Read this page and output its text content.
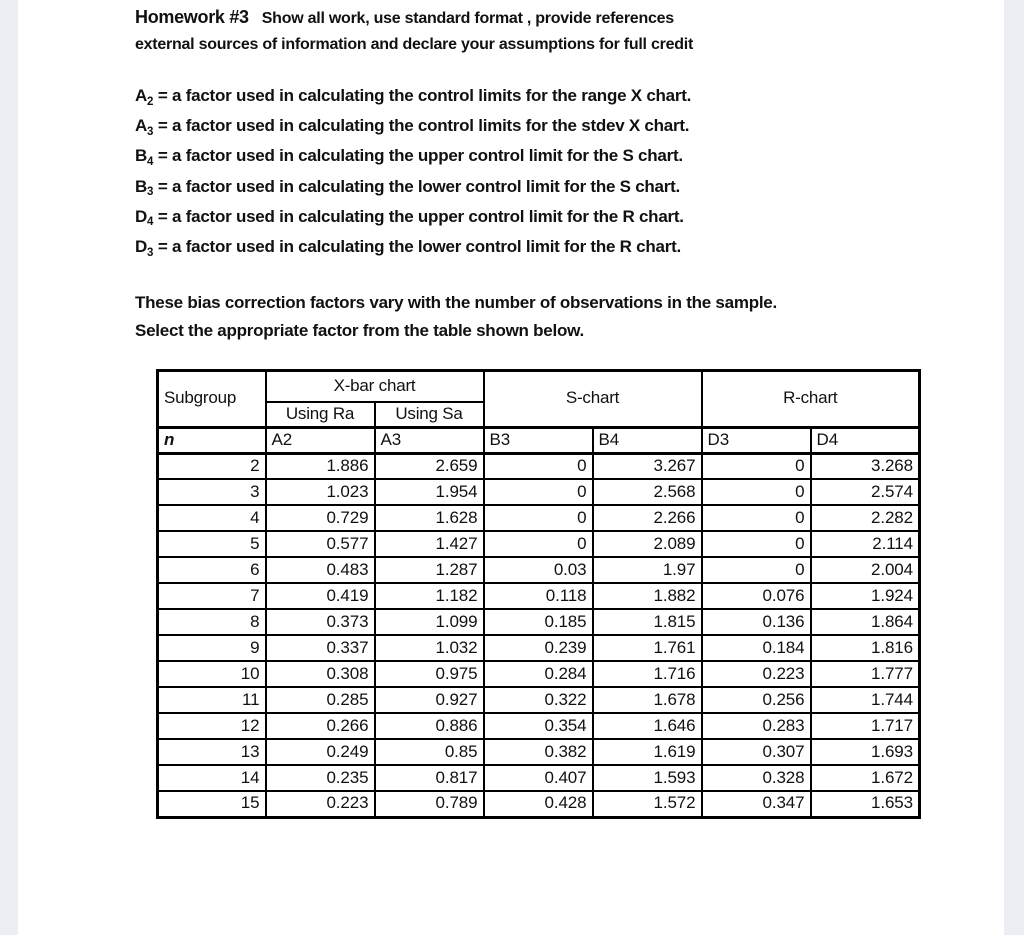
Homework #3 Show all work, use standard format , provide references
external sources of information and declare your assumptions for full credit
$A_2 = a$ factor used in calculating the control limits for the range X chart.
$A_3 = a$ factor used in calculating the control limits for the stdev X chart.
$B_4 = a$ factor used in calculating the upper control limit for the S chart.
$B_3 = a$ factor used in calculating the lower control limit for the S chart.
$D_4 = a$ factor used in calculating the upper control limit for the R chart.
$D_3 = a$ factor used in calculating the lower control limit for the R chart.
These bias correction factors vary with the number of observations in the sample. Select the appropriate factor from the table shown below.
Subgroup	X-bar chart		S-chart		R-chart	
	Using Ra	Using Sa				
n	A2	A3	B3	B4	D3	D4
2	1.886	2.659	0	3.267	0	3.268
3	1.023	1.954	0	2.568	0	2.574
4	0.729	1.628	0	2.266	0	2.282
5	0.577	1.427	0	2.089	0	2.114
6	0.483	1.287	0.03	1.97	0	2.004
7	0.419	1.182	0.118	1.882	0.076	1.924
8	0.373	1.099	0.185	1.815	0.136	1.864
9	0.337	1.032	0.239	1.761	0.184	1.816
10	0.308	0.975	0.284	1.716	0.223	1.777
11	0.285	0.927	0.322	1.678	0.256	1.744
12	0.266	0.886	0.354	1.646	0.283	1.717
13	0.249	0.85	0.382	1.619	0.307	1.693
14	0.235	0.817	0.407	1.593	0.328	1.672
15	0.223	0.789	0.428	1.572	0.347	1.653
